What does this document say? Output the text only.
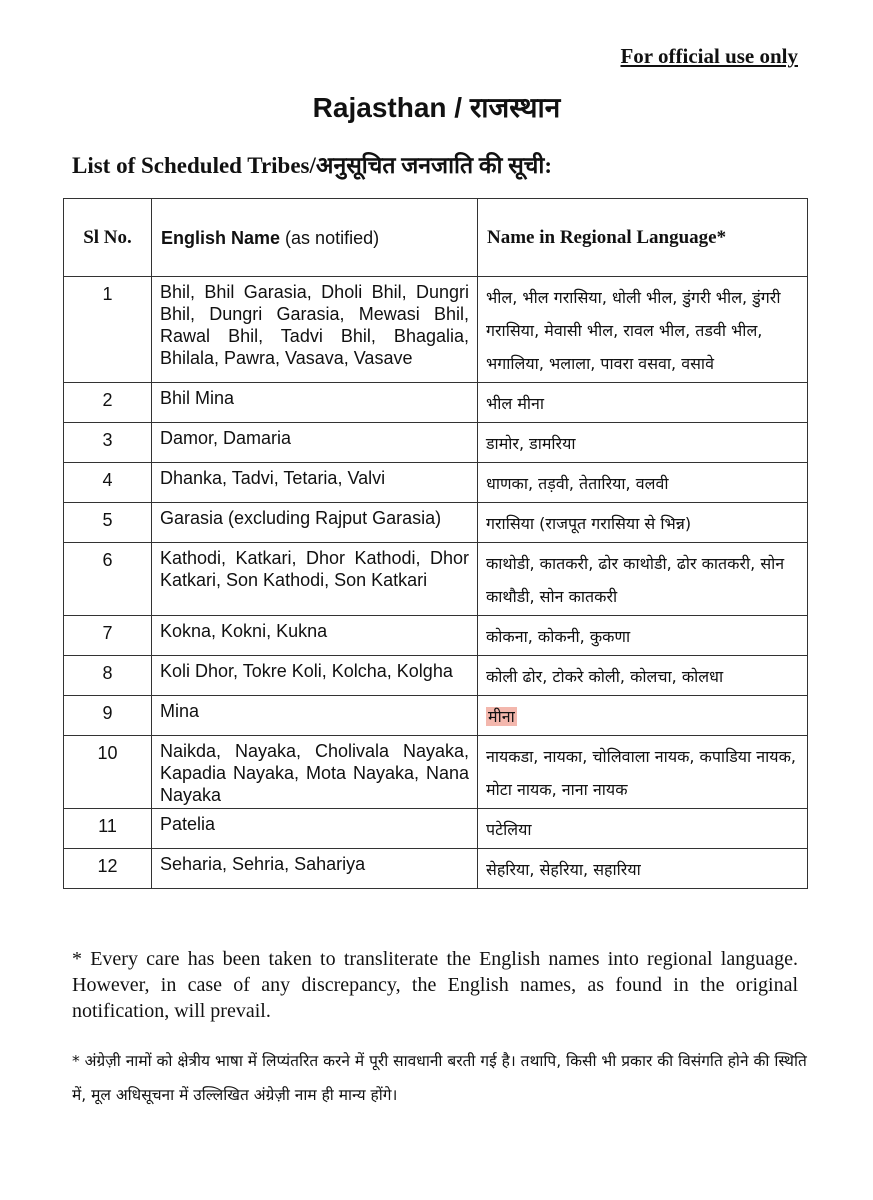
For official use only
Rajasthan / राजस्थान
List of Scheduled Tribes/अनुसूचित जनजाति की सूची:
Sl No.	English Name (as notified)	Name in Regional Language*
1	Bhil, Bhil Garasia, Dholi Bhil, Dungri Bhil, Dungri Garasia, Mewasi Bhil, Rawal Bhil, Tadvi Bhil, Bhagalia, Bhilala, Pawra, Vasava, Vasave	भील, भील गरासिया, धोली भील, डुंगरी भील, डुंगरी गरासिया, मेवासी भील, रावल भील, तडवी भील, भगालिया, भलाला, पावरा वसवा, वसावे
2	Bhil Mina	भील मीना
3	Damor, Damaria	डामोर, डामरिया
4	Dhanka, Tadvi, Tetaria, Valvi	धाणका, तड़वी, तेतारिया, वलवी
5	Garasia (excluding Rajput Garasia)	गरासिया (राजपूत गरासिया से भिन्न)
6	Kathodi, Katkari, Dhor Kathodi, Dhor Katkari, Son Kathodi, Son Katkari	काथोडी, कातकरी, ढोर काथोडी, ढोर कातकरी, सोन काथौडी, सोन कातकरी
7	Kokna, Kokni, Kukna	कोकना, कोकनी, कुकणा
8	Koli Dhor, Tokre Koli, Kolcha, Kolgha	कोली ढोर, टोकरे कोली, कोलचा, कोलधा
9	Mina	मीना
10	Naikda, Nayaka, Cholivala Nayaka, Kapadia Nayaka, Mota Nayaka, Nana Nayaka	नायकडा, नायका, चोलिवाला नायक, कपाडिया नायक, मोटा नायक, नाना नायक
11	Patelia	पटेलिया
12	Seharia, Sehria, Sahariya	सेहरिया, सेहरिया, सहारिया
* Every care has been taken to transliterate the English names into regional language. However, in case of any discrepancy, the English names, as found in the original notification, will prevail.
* अंग्रेज़ी नामों को क्षेत्रीय भाषा में लिप्यंतरित करने में पूरी सावधानी बरती गई है। तथापि, किसी भी प्रकार की विसंगति होने की स्थिति में, मूल अधिसूचना में उल्लिखित अंग्रेज़ी नाम ही मान्य होंगे।
